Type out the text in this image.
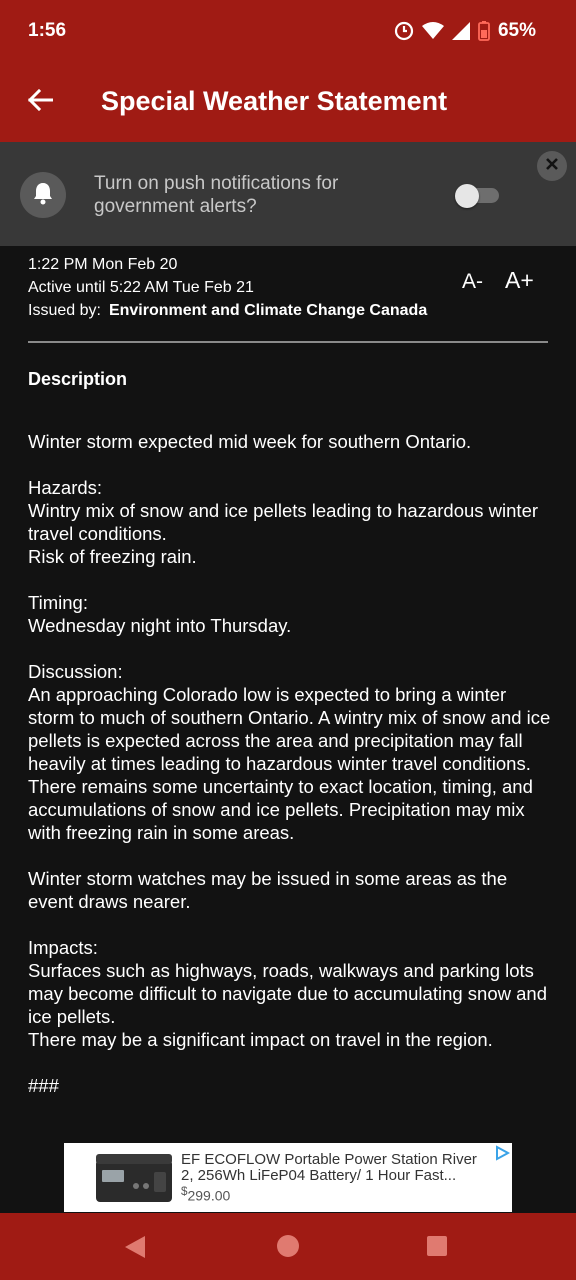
1:56	65%
Special Weather Statement
Turn on push notifications for government alerts?
1:22 PM Mon Feb 20
Active until 5:22 AM Tue Feb 21
Issued by: Environment and Climate Change Canada
A- A+
Description

Winter storm expected mid week for southern Ontario.

Hazards:
Wintry mix of snow and ice pellets leading to hazardous winter travel conditions.
Risk of freezing rain.

Timing:
Wednesday night into Thursday.

Discussion:
An approaching Colorado low is expected to bring a winter storm to much of southern Ontario. A wintry mix of snow and ice pellets is expected across the area and precipitation may fall heavily at times leading to hazardous winter travel conditions. There remains some uncertainty to exact location, timing, and accumulations of snow and ice pellets. Precipitation may mix with freezing rain in some areas.

Winter storm watches may be issued in some areas as the event draws nearer.

Impacts:
Surfaces such as highways, roads, walkways and parking lots may become difficult to navigate due to accumulating snow and ice pellets.
There may be a significant impact on travel in the region.

###

EF ECOFLOW Portable Power Station River 2, 256Wh LiFeP04 Battery/ 1 Hour Fast...
$299.00
